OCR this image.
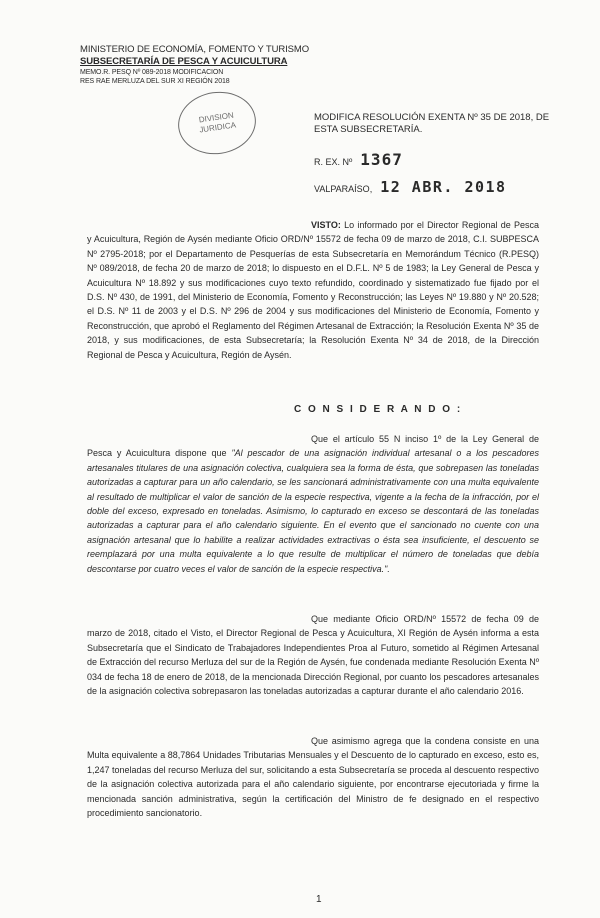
MINISTERIO DE ECONOMÍA, FOMENTO Y TURISMO
SUBSECRETARÍA DE PESCA Y ACUICULTURA
MEMO.R. PESQ Nº 089-2018 MODIFICACION
RES RAE MERLUZA DEL SUR XI REGIÓN 2018
DIVISION
JURIDICA
MODIFICA RESOLUCIÓN EXENTA Nº 35 DE 2018, DE ESTA SUBSECRETARÍA.
R. EX. Nº 1367
VALPARAÍSO, 12 ABR. 2018

VISTO: Lo informado por el Director Regional de Pesca y Acuicultura, Región de Aysén mediante Oficio ORD/Nº 15572 de fecha 09 de marzo de 2018, C.I. SUBPESCA Nº 2795-2018; por el Departamento de Pesquerías de esta Subsecretaría en Memorándum Técnico (R.PESQ) Nº 089/2018, de fecha 20 de marzo de 2018; lo dispuesto en el D.F.L. Nº 5 de 1983; la Ley General de Pesca y Acuicultura Nº 18.892 y sus modificaciones cuyo texto refundido, coordinado y sistematizado fue fijado por el D.S. Nº 430, de 1991, del Ministerio de Economía, Fomento y Reconstrucción; las Leyes Nº 19.880 y Nº 20.528; el D.S. Nº 11 de 2003 y el D.S. Nº 296 de 2004 y sus modificaciones del Ministerio de Economía, Fomento y Reconstrucción, que aprobó el Reglamento del Régimen Artesanal de Extracción; la Resolución Exenta Nº 35 de 2018, y sus modificaciones, de esta Subsecretaría; la Resolución Exenta Nº 34 de 2018, de la Dirección Regional de Pesca y Acuicultura, Región de Aysén.

C O N S I D E R A N D O :

Que el artículo 55 N inciso 1º de la Ley General de Pesca y Acuicultura dispone que "Al pescador de una asignación individual artesanal o a los pescadores artesanales titulares de una asignación colectiva, cualquiera sea la forma de ésta, que sobrepasen las toneladas autorizadas a capturar para un año calendario, se les sancionará administrativamente con una multa equivalente al resultado de multiplicar el valor de sanción de la especie respectiva, vigente a la fecha de la infracción, por el doble del exceso, expresado en toneladas. Asimismo, lo capturado en exceso se descontará de las toneladas autorizadas a capturar para el año calendario siguiente. En el evento que el sancionado no cuente con una asignación artesanal que lo habilite a realizar actividades extractivas o ésta sea insuficiente, el descuento se reemplazará por una multa equivalente a lo que resulte de multiplicar el número de toneladas que debía descontarse por cuatro veces el valor de sanción de la especie respectiva.".

Que mediante Oficio ORD/Nº 15572 de fecha 09 de marzo de 2018, citado el Visto, el Director Regional de Pesca y Acuicultura, XI Región de Aysén informa a esta Subsecretaría que el Sindicato de Trabajadores Independientes Proa al Futuro, sometido al Régimen Artesanal de Extracción del recurso Merluza del sur de la Región de Aysén, fue condenada mediante Resolución Exenta Nº 034 de fecha 18 de enero de 2018, de la mencionada Dirección Regional, por cuanto los pescadores artesanales de la asignación colectiva sobrepasaron las toneladas autorizadas a capturar durante el año calendario 2016.

Que asimismo agrega que la condena consiste en una Multa equivalente a 88,7864 Unidades Tributarias Mensuales y el Descuento de lo capturado en exceso, esto es, 1,247 toneladas del recurso Merluza del sur, solicitando a esta Subsecretaría se proceda al descuento respectivo de la asignación colectiva autorizada para el año calendario siguiente, por encontrarse ejecutoriada y firme la mencionada sanción administrativa, según la certificación del Ministro de fe designado en el respectivo procedimiento sancionatorio.

1
